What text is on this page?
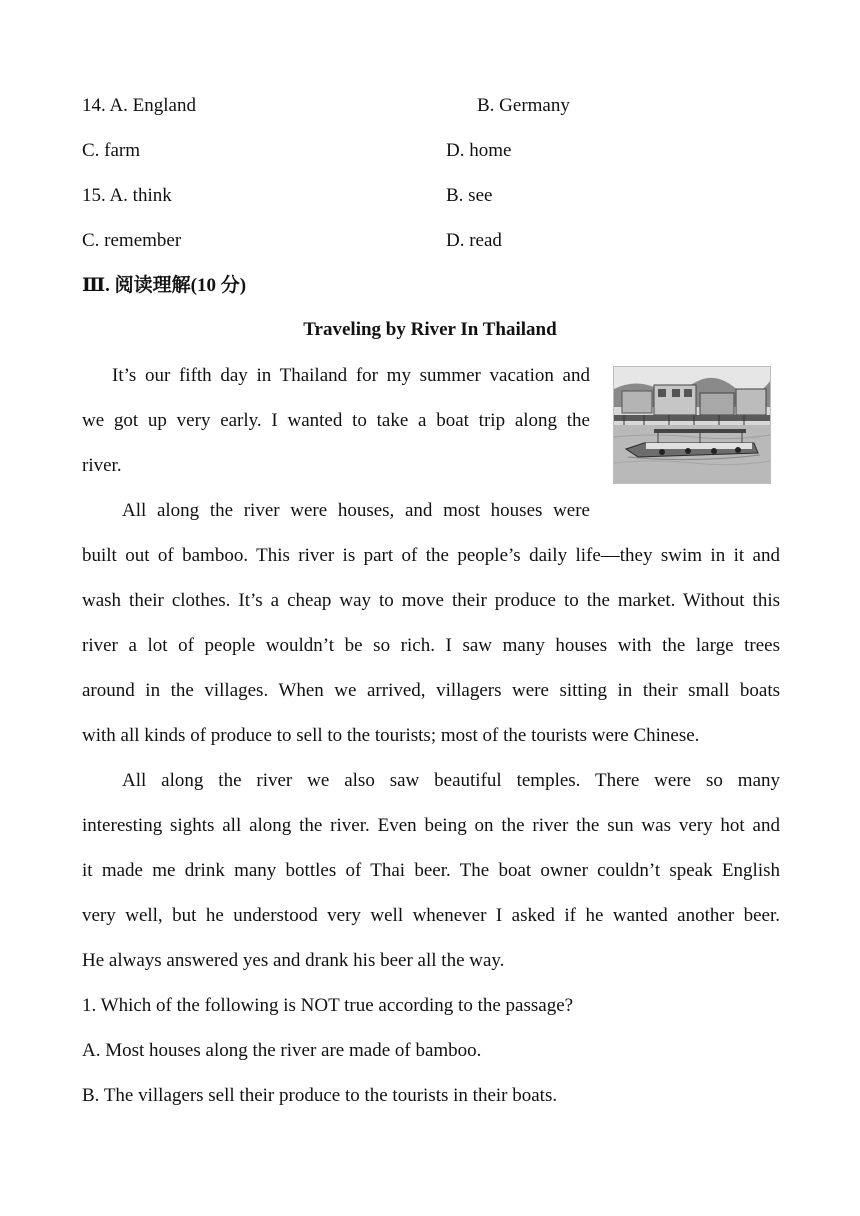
14. A. England	B. Germany
C. farm	D. home
15. A. think	B. see
C. remember	D. read
Ⅲ. 阅读理解(10 分)
Traveling by River In Thailand
It’s our fifth day in Thailand for my summer vacation and
we got up very early. I wanted to take a boat trip along the
river.
All along the river were houses, and most houses were
built out of bamboo. This river is part of the people’s daily life—they swim in it and
wash their clothes. It’s a cheap way to move their produce to the market. Without this
river a lot of people wouldn’t be so rich. I saw many houses with the large trees
around in the villages. When we arrived, villagers were sitting in their small boats
with all kinds of produce to sell to the tourists; most of the tourists were Chinese.
All along the river we also saw beautiful temples. There were so many
interesting sights all along the river. Even being on the river the sun was very hot and
it made me drink many bottles of Thai beer. The boat owner couldn’t speak English
very well, but he understood very well whenever I asked if he wanted another beer.
He always answered yes and drank his beer all the way.
1. Which of the following is NOT true according to the passage?
A. Most houses along the river are made of bamboo.
B. The villagers sell their produce to the tourists in their boats.
